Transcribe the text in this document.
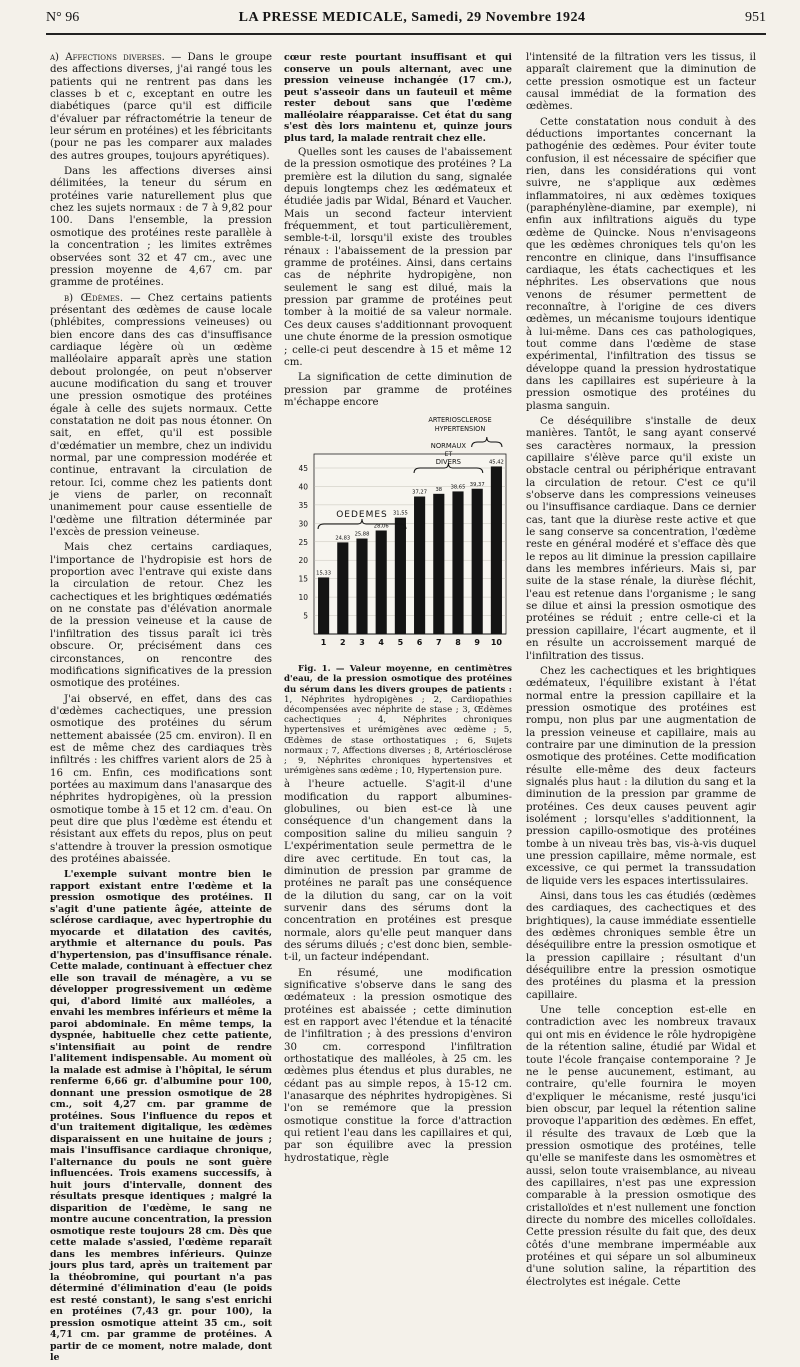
N° 96	LA PRESSE MEDICALE, Samedi, 29 Novembre 1924	951

a) Affections diverses. — Dans le groupe des affections diverses, j'ai rangé tous les patients qui ne rentrent pas dans les classes b et c, exceptant en outre les diabétiques (parce qu'il est difficile d'évaluer par réfractométrie la teneur de leur sérum en protéines) et les fébricitants (pour ne pas les comparer aux malades des autres groupes, toujours apyrétiques).

Dans les affections diverses ainsi délimitées, la teneur du sérum en protéines varie naturellement plus que chez les sujets normaux : de 7 à 9,82 pour 100. Dans l'ensemble, la pression osmotique des protéines reste parallèle à la concentration ; les limites extrêmes observées sont 32 et 47 cm., avec une pression moyenne de 4,67 cm. par gramme de protéines.

b) Œdèmes. — Chez certains patients présentant des œdèmes de cause locale (phlébites, compressions veineuses) ou bien encore dans des cas d'insuffisance cardiaque légère où un œdème malléolaire apparaît après une station debout prolongée, on peut n'observer aucune modification du sang et trouver une pression osmotique des protéines égale à celle des sujets normaux. Cette constatation ne doit pas nous étonner. On sait, en effet, qu'il est possible d'œdématier un membre, chez un individu normal, par une compression modérée et continue, entravant la circulation de retour. Ici, comme chez les patients dont je viens de parler, on reconnaît unanimement pour cause essentielle de l'œdème une filtration déterminée par l'excès de pression veineuse.

Mais chez certains cardiaques, l'importance de l'hydropisie est hors de proportion avec l'entrave qui existe dans la circulation de retour. Chez les cachectiques et les brightiques œdématiés on ne constate pas d'élévation anormale de la pression veineuse et la cause de l'infiltration des tissus paraît ici très obscure. Or, précisément dans ces circonstances, on rencontre des modifications significatives de la pression osmotique des protéines.

J'ai observé, en effet, dans des cas d'œdèmes cachectiques, une pression osmotique des protéines du sérum nettement abaissée (25 cm. environ). Il en est de même chez des cardiaques très infiltrés : les chiffres varient alors de 25 à 16 cm. Enfin, ces modifications sont portées au maximum dans l'anasarque des néphrites hydropigènes, où la pression osmotique tombe à 15 et 12 cm. d'eau. On peut dire que plus l'œdème est étendu et résistant aux effets du repos, plus on peut s'attendre à trouver la pression osmotique des protéines abaissée.

L'exemple suivant montre bien le rapport existant entre l'œdème et la pression osmotique des protéines. Il s'agit d'une patiente âgée, atteinte de sclérose cardiaque, avec hypertrophie du myocarde et dilatation des cavités, arythmie et alternance du pouls. Pas d'hypertension, pas d'insuffisance rénale. Cette malade, continuant à effectuer chez elle son travail de ménagère, a vu se développer progressivement un œdème qui, d'abord limité aux malléoles, a envahi les membres inférieurs et même la paroi abdominale. En même temps, la dyspnée, habituelle chez cette patiente, s'intensifiait au point de rendre l'alitement indispensable. Au moment où la malade est admise à l'hôpital, le sérum renferme 6,66 gr. d'albumine pour 100, donnant une pression osmotique de 28 cm., soit 4,27 cm. par gramme de protéines. Sous l'influence du repos et d'un traitement digitalique, les œdèmes disparaissent en une huitaine de jours ; mais l'insuffisance cardiaque chronique, l'alternance du pouls ne sont guère influencées. Trois examens successifs, à huit jours d'intervalle, donnent des résultats presque identiques ; malgré la disparition de l'œdème, le sang ne montre aucune concentration, la pression osmotique reste toujours 28 cm. Dès que cette malade s'assied, l'œdème reparaît dans les membres inférieurs. Quinze jours plus tard, après un traitement par la théobromine, qui pourtant n'a pas déterminé d'élimination d'eau (le poids est resté constant), le sang s'est enrichi en protéines (7,43 gr. pour 100), la pression osmotique atteint 35 cm., soit 4,71 cm. par gramme de protéines. A partir de ce moment, notre malade, dont le

cœur reste pourtant insuffisant et qui conserve un pouls alternant, avec une pression veineuse inchangée (17 cm.), peut s'asseoir dans un fauteuil et même rester debout sans que l'œdème malléolaire réapparaisse. Cet état du sang s'est dès lors maintenu et, quinze jours plus tard, la malade rentrait chez elle.

Quelles sont les causes de l'abaissement de la pression osmotique des protéines ? La première est la dilution du sang, signalée depuis longtemps chez les œdémateux et étudiée jadis par Widal, Bénard et Vaucher. Mais un second facteur intervient fréquemment, et tout particulièrement, semble-t-il, lorsqu'il existe des troubles rénaux : l'abaissement de la pression par gramme de protéines. Ainsi, dans certains cas de néphrite hydropigène, non seulement le sang est dilué, mais la pression par gramme de protéines peut tomber à la moitié de sa valeur normale. Ces deux causes s'additionnant provoquent une chute énorme de la pression osmotique ; celle-ci peut descendre à 15 et même 12 cm.

La signification de cette diminution de pression par gramme de protéines m'échappe encore

5
10
15
20
25
30
35
40
45
15,33
1
24,83
2
25,88
3
28,06
4
31,55
5
37,27
6
38
7
38,65
8
39,37
9
45,42
10
OEDEMES
NORMAUX
ET
DIVERS
ARTERIOSCLEROSE
HYPERTENSION

Fig. 1. — Valeur moyenne, en centimètres d'eau, de la pression osmotique des protéines du sérum dans les divers groupes de patients : 1, Néphrites hydropigènes ; 2, Cardiopathies décompensées avec néphrite de stase ; 3, Œdèmes cachectiques ; 4, Néphrites chroniques hypertensives et urémigènes avec œdème ; 5, Œdèmes de stase orthostatiques ; 6, Sujets normaux ; 7, Affections diverses ; 8, Artériosclérose ; 9, Néphrites chroniques hypertensives et urémigènes sans œdème ; 10, Hypertension pure.

à l'heure actuelle. S'agit-il d'une modification du rapport albumines-globulines, ou bien est-ce là une conséquence d'un changement dans la composition saline du milieu sanguin ? L'expérimentation seule permettra de le dire avec certitude. En tout cas, la diminution de pression par gramme de protéines ne paraît pas une conséquence de la dilution du sang, car on la voit survenir dans des sérums dont la concentration en protéines est presque normale, alors qu'elle peut manquer dans des sérums dilués ; c'est donc bien, semble-t-il, un facteur indépendant.

En résumé, une modification significative s'observe dans le sang des œdémateux : la pression osmotique des protéines est abaissée ; cette diminution est en rapport avec l'étendue et la ténacité de l'infiltration ; à des pressions d'environ 30 cm. correspond l'infiltration orthostatique des malléoles, à 25 cm. les œdèmes plus étendus et plus durables, ne cédant pas au simple repos, à 15-12 cm. l'anasarque des néphrites hydropigènes. Si l'on se remémore que la pression osmotique constitue la force d'attraction qui retient l'eau dans les capillaires et qui, par son équilibre avec la pression hydrostatique, règle

l'intensité de la filtration vers les tissus, il apparaît clairement que la diminution de cette pression osmotique est un facteur causal immédiat de la formation des œdèmes.

Cette constatation nous conduit à des déductions importantes concernant la pathogénie des œdèmes. Pour éviter toute confusion, il est nécessaire de spécifier que rien, dans les considérations qui vont suivre, ne s'applique aux œdèmes inflammatoires, ni aux œdèmes toxiques (paraphénylène-diamine, par exemple), ni enfin aux infiltrations aiguës du type œdème de Quincke. Nous n'envisageons que les œdèmes chroniques tels qu'on les rencontre en clinique, dans l'insuffisance cardiaque, les états cachectiques et les néphrites. Les observations que nous venons de résumer permettent de reconnaître, à l'origine de ces divers œdèmes, un mécanisme toujours identique à lui-même. Dans ces cas pathologiques, tout comme dans l'œdème de stase expérimental, l'infiltration des tissus se développe quand la pression hydrostatique dans les capillaires est supérieure à la pression osmotique des protéines du plasma sanguin.

Ce déséquilibre s'installe de deux manières. Tantôt, le sang ayant conservé ses caractères normaux, la pression capillaire s'élève parce qu'il existe un obstacle central ou périphérique entravant la circulation de retour. C'est ce qu'il s'observe dans les compressions veineuses ou l'insuffisance cardiaque. Dans ce dernier cas, tant que la diurèse reste active et que le sang conserve sa concentration, l'œdème reste en général modéré et s'efface dès que le repos au lit diminue la pression capillaire dans les membres inférieurs. Mais si, par suite de la stase rénale, la diurèse fléchit, l'eau est retenue dans l'organisme ; le sang se dilue et ainsi la pression osmotique des protéines se réduit ; entre celle-ci et la pression capillaire, l'écart augmente, et il en résulte un accroissement marqué de l'infiltration des tissus.

Chez les cachectiques et les brightiques œdémateux, l'équilibre existant à l'état normal entre la pression capillaire et la pression osmotique des protéines est rompu, non plus par une augmentation de la pression veineuse et capillaire, mais au contraire par une diminution de la pression osmotique des protéines. Cette modification résulte elle-même des deux facteurs signalés plus haut : la dilution du sang et la diminution de la pression par gramme de protéines. Ces deux causes peuvent agir isolément ; lorsqu'elles s'additionnent, la pression capillo-osmotique des protéines tombe à un niveau très bas, vis-à-vis duquel une pression capillaire, même normale, est excessive, ce qui permet la transsudation de liquide vers les espaces intertissulaires.

Ainsi, dans tous les cas étudiés (œdèmes des cardiaques, des cachectiques et des brightiques), la cause immédiate essentielle des œdèmes chroniques semble être un déséquilibre entre la pression osmotique et la pression capillaire ; résultant d'un déséquilibre entre la pression osmotique des protéines du plasma et la pression capillaire.

Une telle conception est-elle en contradiction avec les nombreux travaux qui ont mis en évidence le rôle hydropigène de la rétention saline, étudié par Widal et toute l'école française contemporaine ? Je ne le pense aucunement, estimant, au contraire, qu'elle fournira le moyen d'expliquer le mécanisme, resté jusqu'ici bien obscur, par lequel la rétention saline provoque l'apparition des œdèmes. En effet, il résulte des travaux de Lœb que la pression osmotique des protéines, telle qu'elle se manifeste dans les osmomètres et aussi, selon toute vraisemblance, au niveau des capillaires, n'est pas une expression comparable à la pression osmotique des cristalloïdes et n'est nullement une fonction directe du nombre des micelles colloïdales. Cette pression résulte du fait que, des deux côtés d'une membrane imperméable aux protéines et qui sépare un sol albumineux d'une solution saline, la répartition des électrolytes est inégale. Cette
